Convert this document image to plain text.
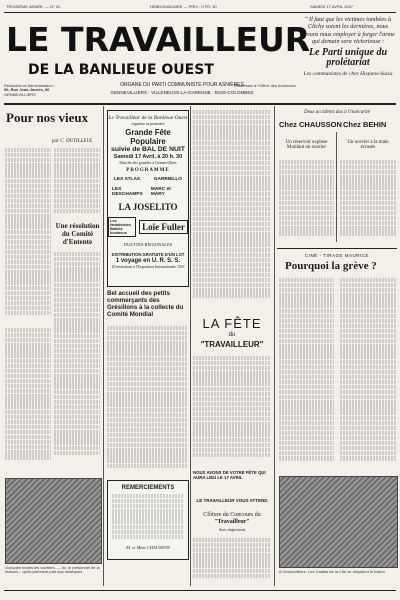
TROISIÈME ANNÉE. — N° 91.	HEBDOMADAIRE — PRIX : 0 FR. 30	SAMEDI 17 AVRIL 1937
LE TRAVAILLEUR
DE LA BANLIEUE OUEST
" Il faut que les victimes tombées à Clichy soient les dernières, nous devons nous employer à forger l'arme qui demain sera victorieuse :
Le Parti unique du prolétariat
Les communistes de chez Hispano-Suiza
Rédaction et Administration :
96, Rue Jean-Jaurès, 96
GENNEVILLIERS
ORGANE DU PARTI COMMUNISTE POUR ASNIÈRES
GENNEVILLIERS · VILLENEUVE-LA-GARENNE · BOIS-COLOMBES
S'adresser à l'Office des Annonces
Pour nos vieux
par C. DUTILLEUL
Une résolution du Comité d'Entente
Occupée toutes les ouvriers. — Ici, le personnel de la maison... qu'ils prennent part aux obsèques
Le Travailleur de la Banlieue Ouest
organise sa première
Grande Fête Populaire
suivie de BAL DE NUIT
Samedi 17 Avril, à 20 h. 30
Marche des grandes à Gennevilliers
PROGRAMME
LES ATLAS	GARRIELLO
LES DESCHAMPS
MARC et MARY
LA JOSELITO
Les fantaisistes Ballets lumineux
Loïe Fuller
DUETTES RÉGIONALES
DISTRIBUTION GRATUITE D'UN LOT
1 voyage en U. R. S. S.
10 invitations à l'Exposition Internationale 1937
Bel accueil des petits commerçants des Grésillons à la collecte du Comité Mondial
REMERCIEMENTS
M. et Mme CHAUSSON
LA FÊTE
du
"TRAVAILLEUR"
NOUS AVONS DE VOTRE FÊTE QUI AURA LIEU LE 17 AVRIL
LE TRAVAILLEUR VOUS ATTEND
Clôture du Concours du
"Travailleur"
Avis important
Deux accidents dus à l'insécurité
Chez CHAUSSON Chez BEHIN
Un réservoir explose Mutilant un ouvrier
Un ouvrier a la main écrasée
CINÉ - TIRAGE MAURICE
Pourquoi la grève ?
A Gennevilliers. Les Cadets de la Cité se disputent le ballon
